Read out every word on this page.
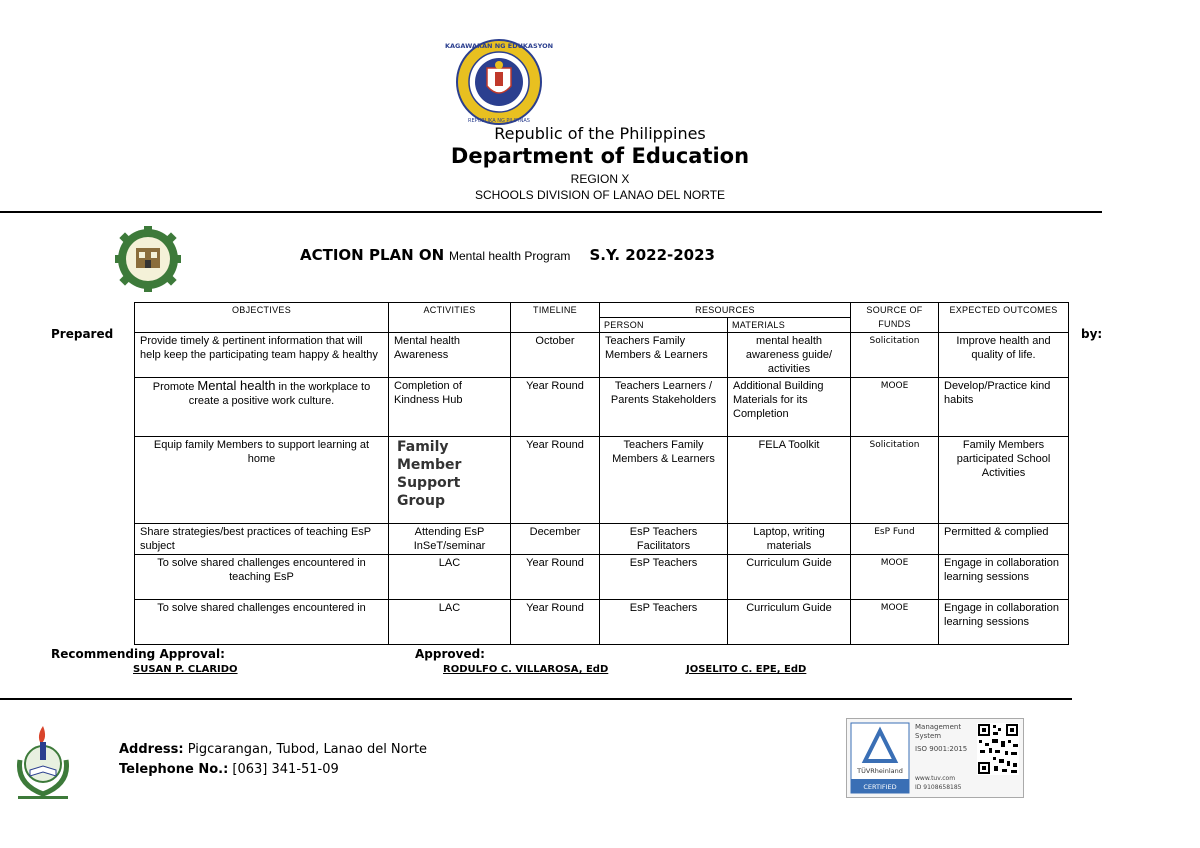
KAGAWARAN NG EDUKASYON
REPUBLIKA NG PILIPINAS
Republic of the Philippines
Department of Education
REGION X
SCHOOLS DIVISION OF LANAO DEL NORTE
ACTION PLAN ON Mental health Program S.Y. 2022-2023
Prepared	by:
OBJECTIVES	ACTIVITIES	TIMELINE	RESOURCES		SOURCE OF FUNDS	EXPECTED OUTCOMES
			PERSON	MATERIALS		
Provide timely & pertinent information that will help keep the participating team happy & healthy	Mental health Awareness	October	Teachers Family Members & Learners	mental health awareness guide/ activities	Solicitation	Improve health and quality of life.
Promote Mental health in the workplace to create a positive work culture.	Completion of Kindness Hub	Year Round	Teachers Learners / Parents Stakeholders	Additional Building Materials for its Completion	MOOE	Develop/Practice kind habits
Equip family Members to support learning at home	Family Member Support Group	Year Round	Teachers Family Members & Learners	FELA Toolkit	Solicitation	Family Members participated School Activities
Share strategies/best practices of teaching EsP subject	Attending EsP InSeT/seminar	December	EsP Teachers Facilitators	Laptop, writing materials	EsP Fund	Permitted & complied
To solve shared challenges encountered in teaching EsP	LAC	Year Round	EsP Teachers	Curriculum Guide	MOOE	Engage in collaboration learning sessions
To solve shared challenges encountered in	LAC	Year Round	EsP Teachers	Curriculum Guide	MOOE	Engage in collaboration learning sessions
Recommending Approval:
SUSAN P. CLARIDO
Approved:
RODULFO C. VILLAROSA, EdD	JOSELITO C. EPE, EdD
Address: Pigcarangan, Tubod, Lanao del Norte
Telephone No.: [063] 341-51-09	TÜVRheinland
CERTIFIED
Management System
ISO 9001:2015
www.tuv.com
ID 9108658185
